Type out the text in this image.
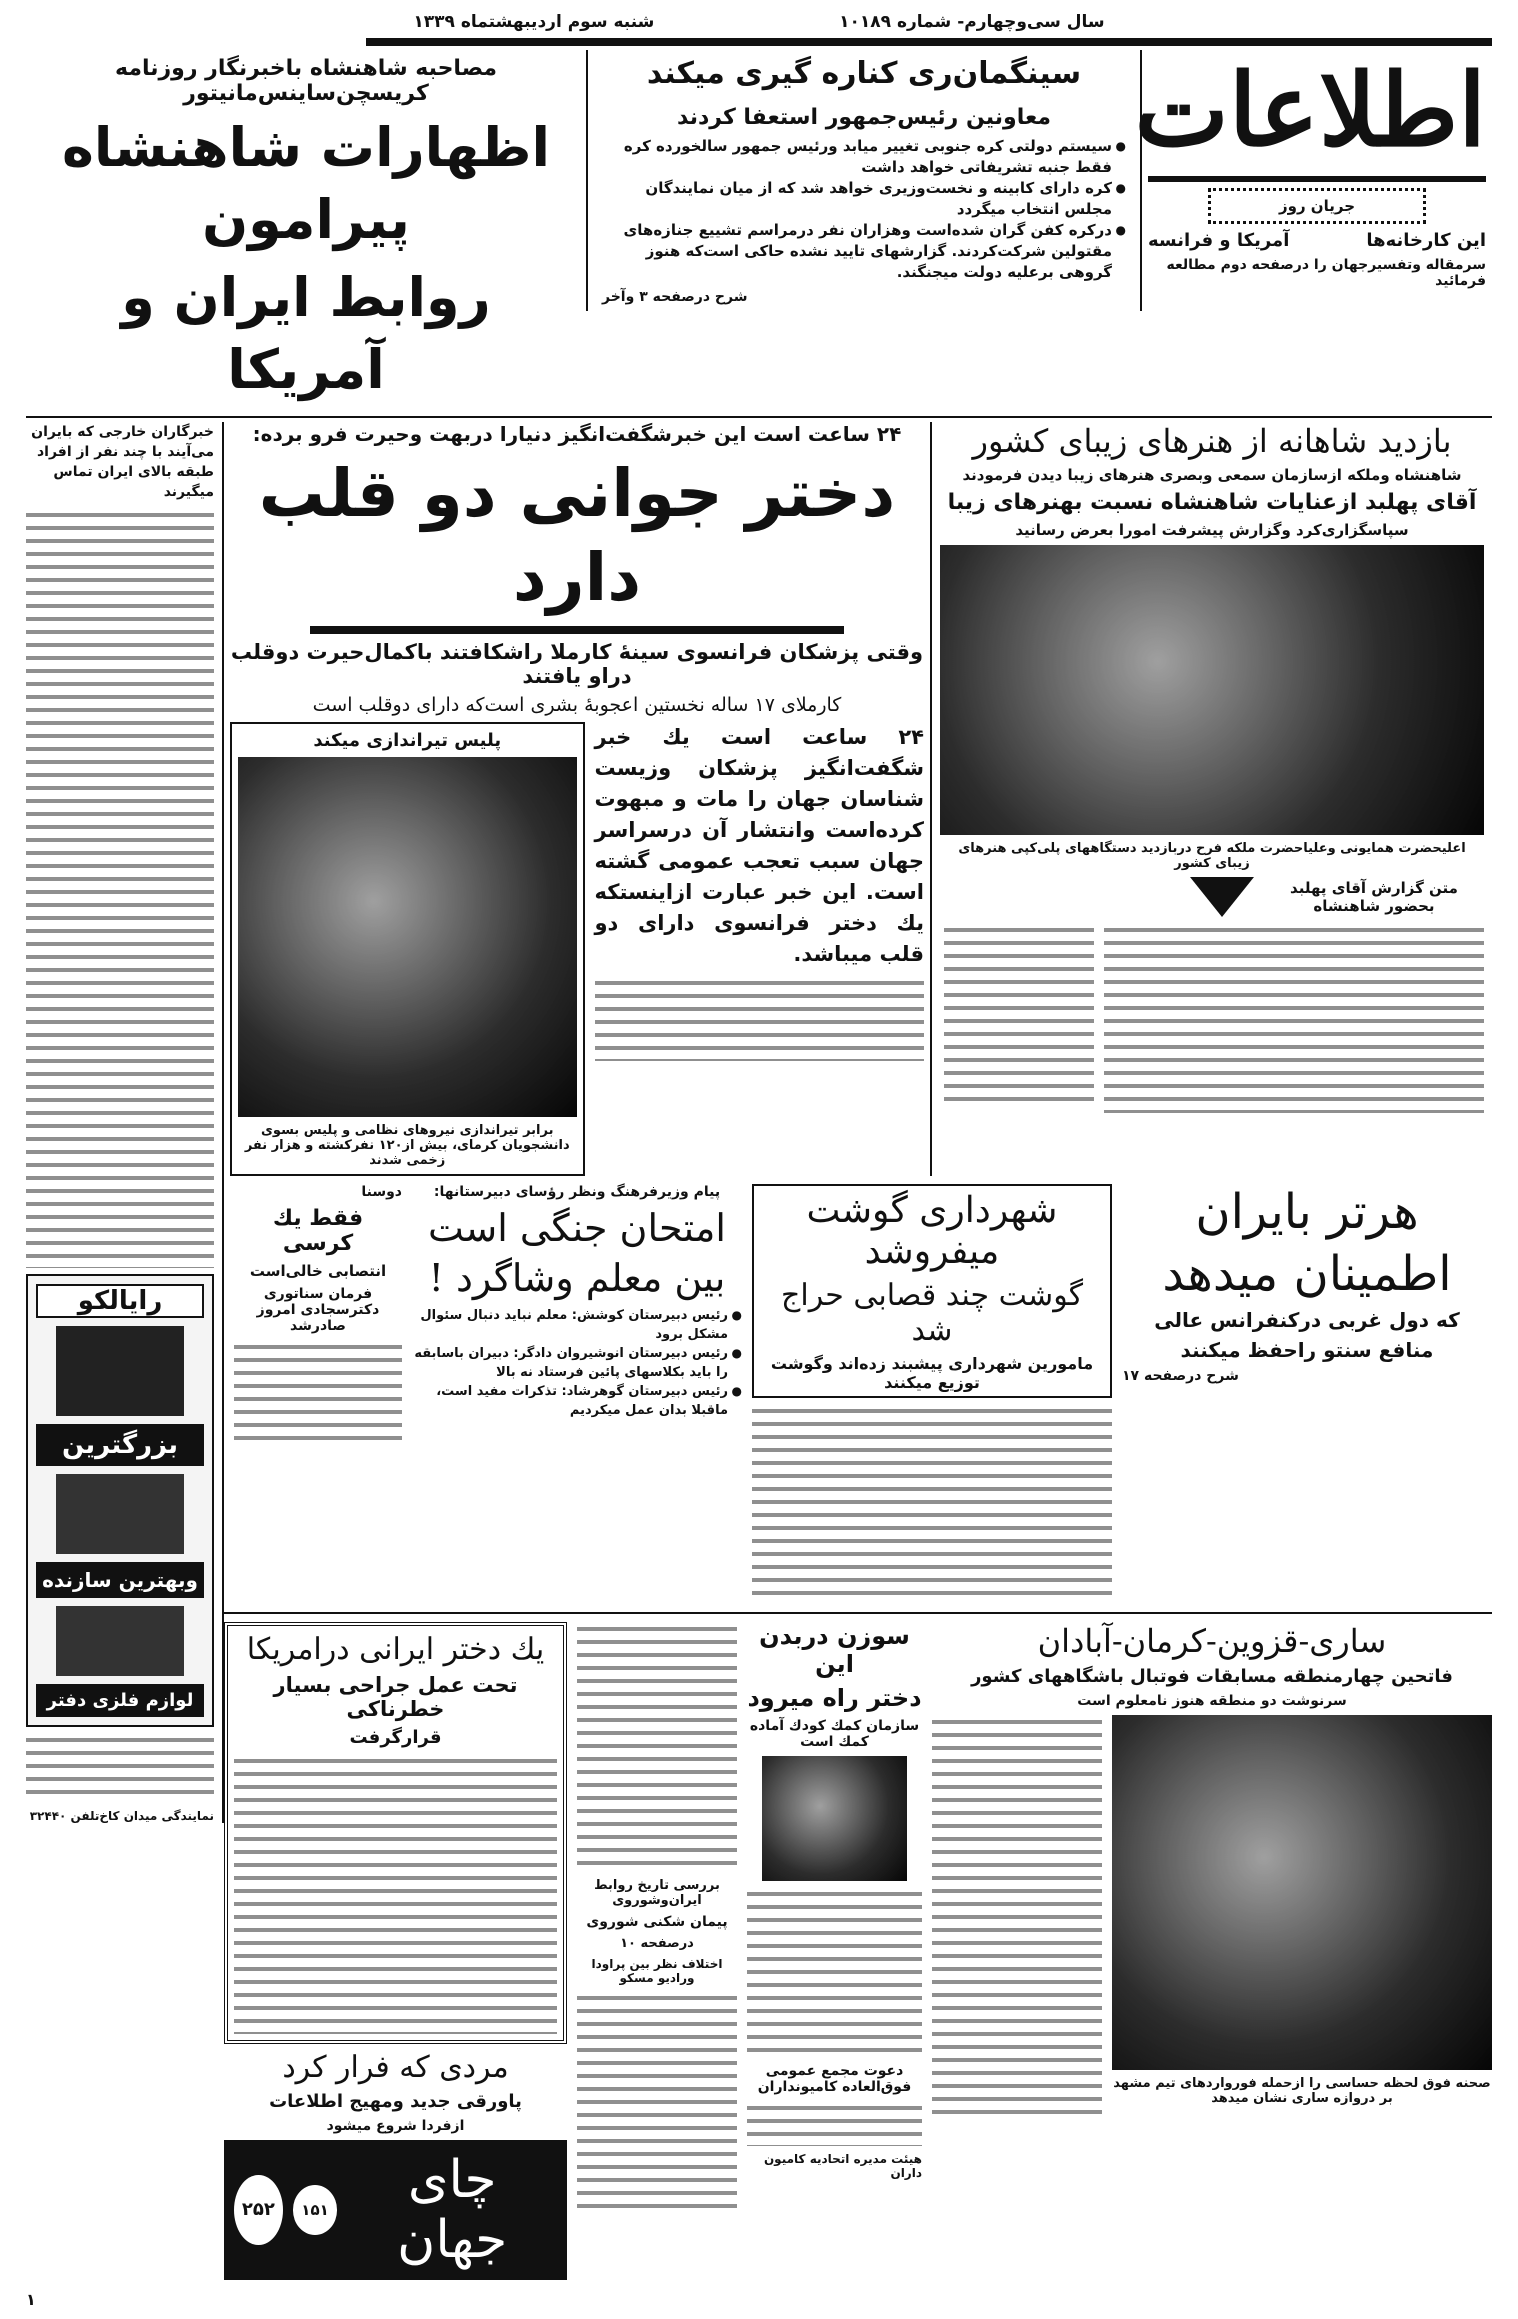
سال سی‌وچهارم- شماره ۱۰۱۸۹
شنبه سوم اردیبهشتماه ۱۳۳۹
اطلاعات
جریان روز
این کارخانه‌ها
آمریکا و فرانسه
سرمقاله وتفسیرجهان را درصفحه دوم مطالعه فرمائید
سینگمان‌ری کناره گیری میکند
معاونین رئیس‌جمهور استعفا کردند
● سیستم دولتی کره جنوبی تغییر میابد ورئیس جمهور سالخورده کره فقط جنبه تشریفاتی خواهد داشت
● کره دارای کابینه و نخست‌وزیری خواهد شد که از میان نمایندگان مجلس انتخاب میگردد
● درکره کفن گران شده‌است وهزاران نفر درمراسم تشییع جنازه‌های مقتولین شرکت‌کردند. گزارشهای تایید نشده حاکی است‌که هنوز گروهی برعلیه دولت میجنگند.
شرح درصفحه ۳ وآخر
مصاحبه شاهنشاه باخبرنگار روزنامه کریسچن‌ساینس‌مانیتور
اظهارات شاهنشاه پیرامون
روابط ایران و آمریکا
بازدید شاهانه از هنرهای زیبای کشور
شاهنشاه وملکه ازسازمان سمعی وبصری هنرهای زیبا دیدن فرمودند
آقای پهلبد ازعنایات شاهنشاه نسبت بهنرهای زیبا
سپاسگزاری‌کرد وگزارش پیشرفت امورا بعرض رسانید
اعلیحضرت همایونی وعلیاحضرت ملکه فرح دربازدید دستگاههای پلی‌کپی هنرهای زیبای کشور
متن گزارش آقای پهلبد بحضور شاهنشاه
۲۴ ساعت است این خبرشگفت‌انگیز دنیارا دربهت وحیرت فرو برده:
دختر جوانی دو قلب دارد
وقتی پزشکان فرانسوی سینهٔ کارملا راشکافتند باکمال‌حیرت دوقلب دراو یافتند
کارملای ۱۷ ساله نخستین اعجوبهٔ بشری است‌که دارای دوقلب است
۲۴ ساعت است یك خبر شگفت‌انگیز پزشکان وزیست شناسان جهان را مات و مبهوت کرده‌است وانتشار آن درسراسر جهان سبب تعجب عمومی گشته است. این خبر عبارت ازاینستکه یك دختر فرانسوی دارای دو قلب میباشد.
پلیس تیراندازی میکند
برابر تیراندازی نیروهای نظامی و پلیس بسوی دانشجویان کرمای، بیش از۱۲۰ نفرکشته و هزار نفر زخمی شدند
هرتر بایران
اطمینان میدهد
که دول غربی درکنفرانس عالی
منافع سنتو راحفظ میکنند
شرح درصفحه ۱۷
شهرداری گوشت میفروشد
گوشت چند قصابی حراج شد
مامورین شهرداری پیشبند زده‌اند وگوشت توزیع میکنند
پیام وزیرفرهنگ ونظر رؤسای دبیرستانها:
امتحان جنگی است
بین معلم وشاگرد !
● رئیس دبیرستان کوشش: معلم نباید دنبال سئوال مشکل برود
● رئیس دبیرستان انوشیروان دادگر: دبیران باسابقه را باید بکلاسهای پائین فرستاد نه بالا
● رئیس دبیرستان گوهرشاد: تذکرات مفید است، ماقبلا بدان عمل میکردیم
دوسنا
فقط یك كرسی
انتصابی خالی‌است
فرمان سناتوری دکترسجادی امروز صادرشد
ساری-قزوین-کرمان-آبادان
فاتحین چهارمنطقه مسابقات فوتبال باشگاههای کشور
سرنوشت دو منطقه هنوز نامعلوم است
صحنه فوق لحظه حساسی را ازحمله فورواردهای تیم مشهد بر دروازه ساری نشان میدهد
سوزن دربدن این
دختر راه میرود
سازمان کمك کودك آماده کمك است
دعوت مجمع عمومی فوق‌العاده کامیونداران
هیئت مدیره اتحادیه کامیون داران
بررسی تاریخ روابط ایران‌وشوروی
پیمان شکنی شوروی
درصفحه ۱۰
اختلاف نظر بین پراودا ورادیو مسکو
یك دختر ایرانی درامریکا
تحت عمل جراحی بسیار خطرناکی
قرارگرفت
مردی که فرار کرد
پاورقی جدید ومهیج اطلاعات
ازفردا شروع میشود
چای جهان
۱۵۱
۲۵۲
خبرگاران خارجی که بایران می‌آیند با چند نفر از افراد طبقه بالای ایران تماس میگیرند
رایالکو
بزرگترین
وبهترین سازنده
لوازم فلزی دفتر
نمایندگی میدان کاخ‌تلفن ۳۲۴۴۰
۱
